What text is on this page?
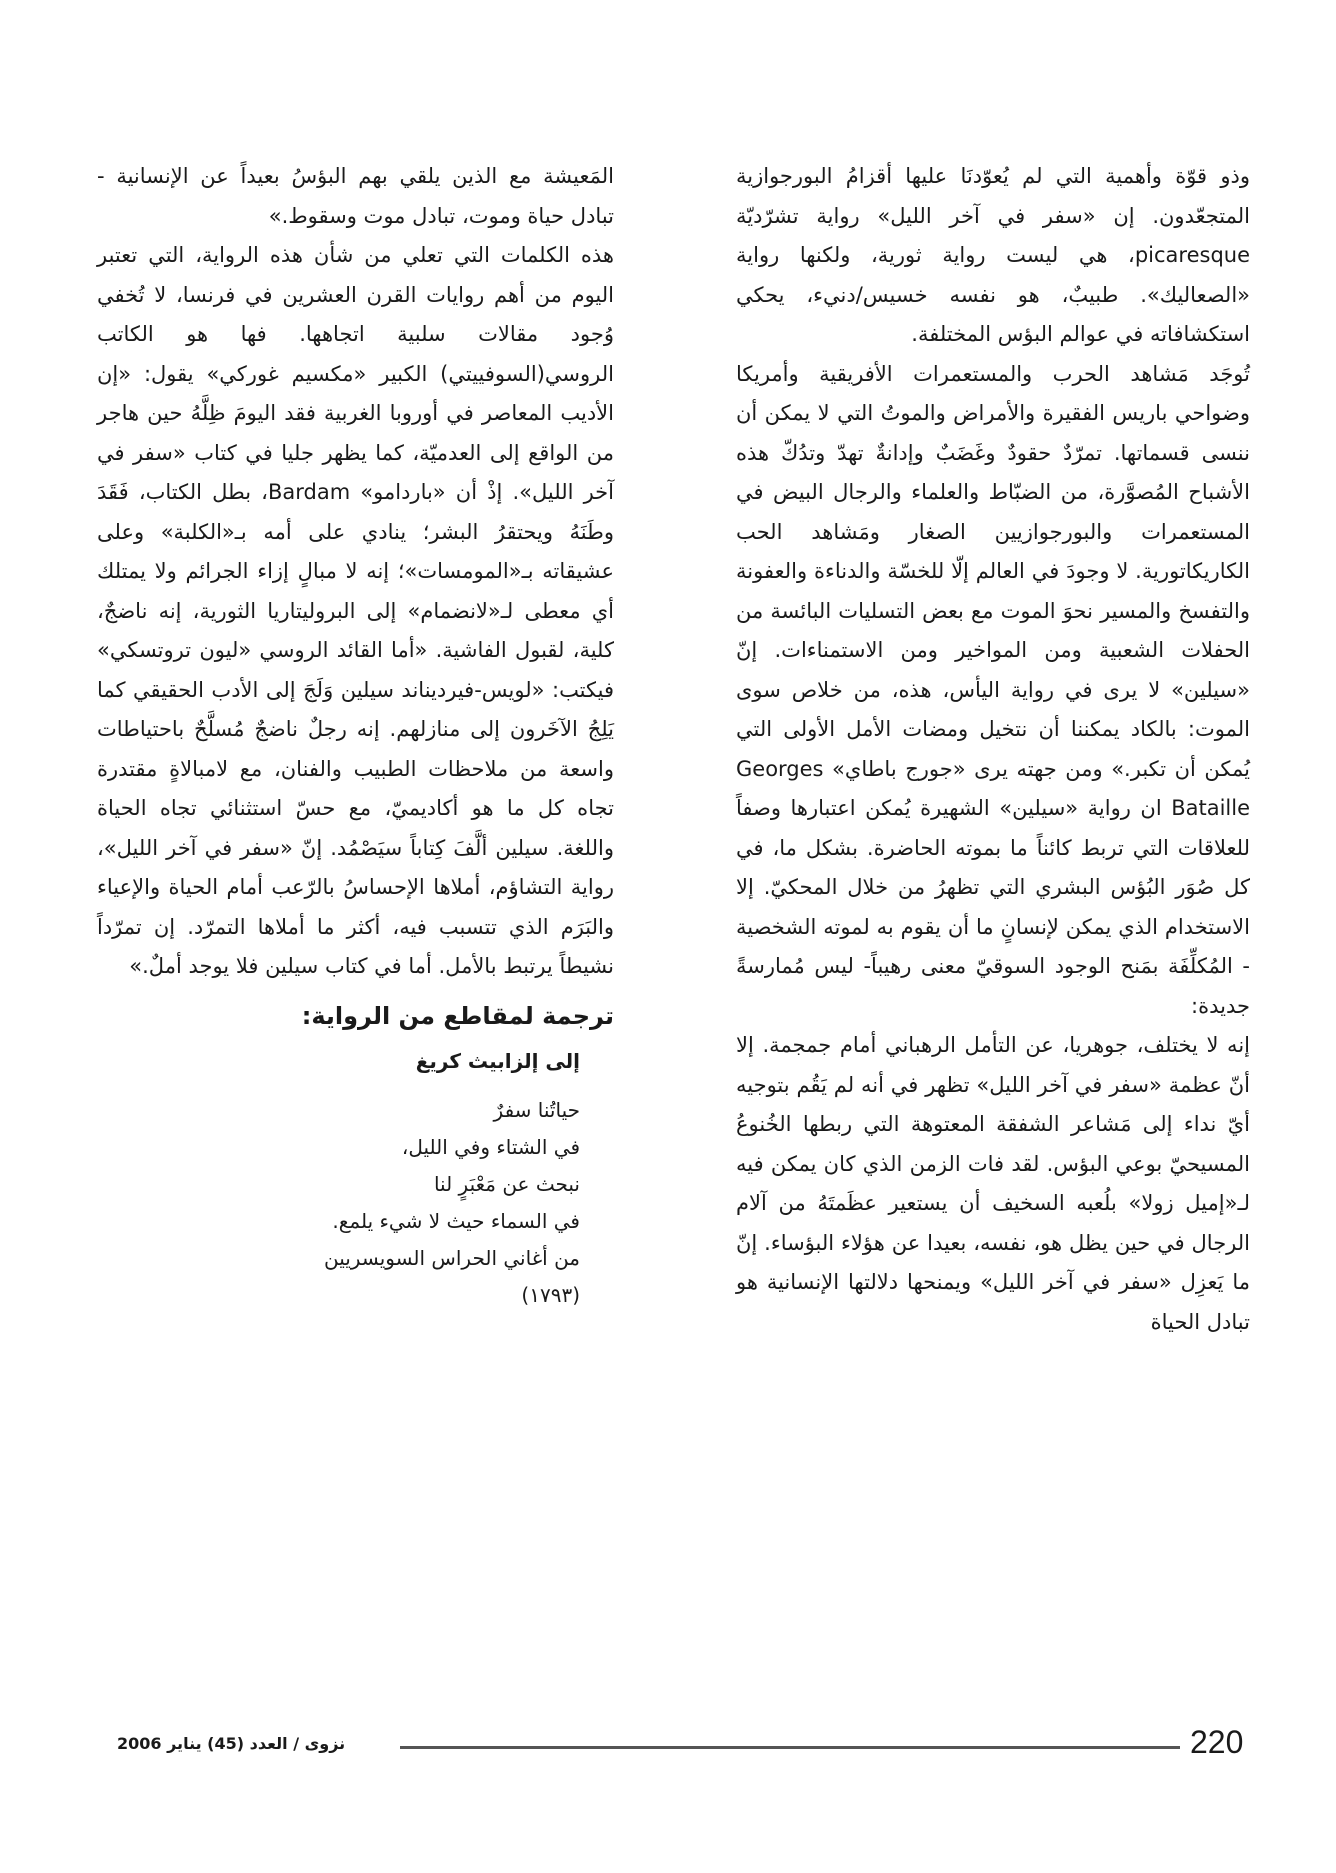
وذو قوّة وأهمية التي لم يُعوّدنَا عليها أقزامُ البورجوازية المتجعّدون. إن «سفر في آخر الليل» رواية تشرّديّة picaresque، هي ليست رواية ثورية، ولكنها رواية «الصعاليك». طبيبٌ، هو نفسه خسيس/دنيء، يحكي استكشافاته في عوالم البؤس المختلفة.

تُوجَد مَشاهد الحرب والمستعمرات الأفريقية وأمريكا وضواحي باريس الفقيرة والأمراض والموتُ التي لا يمكن أن ننسى قسماتها. تمرّدٌ حقودٌ وغَضَبٌ وإدانةٌ تهدّ وتدُكّ هذه الأشباح المُصوَّرة، من الضبّاط والعلماء والرجال البيض في المستعمرات والبورجوازيين الصغار ومَشاهد الحب الكاريكاتورية. لا وجودَ في العالم إلّا للخسّة والدناءة والعفونة والتفسخ والمسير نحوَ الموت مع بعض التسليات البائسة من الحفلات الشعبية ومن المواخير ومن الاستمناءات. إنّ «سيلين» لا يرى في رواية اليأس، هذه، من خلاص سوى الموت: بالكاد يمكننا أن نتخيل ومضات الأمل الأولى التي يُمكن أن تكبر.» ومن جهته يرى «جورج باطاي» Georges Bataille ان رواية «سيلين» الشهيرة يُمكن اعتبارها وصفاً للعلاقات التي تربط كائناً ما بموته الحاضرة. بشكل ما، في كل صُوَر البُؤس البشري التي تظهرُ من خلال المحكيّ. إلا الاستخدام الذي يمكن لإنسانٍ ما أن يقوم به لموته الشخصية - المُكلِّفَة بمَنح الوجود السوقيّ معنى رهيباً- ليس مُمارسةً جديدة:

إنه لا يختلف، جوهريا، عن التأمل الرهباني أمام جمجمة. إلا أنّ عظمة «سفر في آخر الليل» تظهر في أنه لم يَقُم بتوجيه أيّ نداء إلى مَشاعر الشفقة المعتوهة التي ربطها الخُنوعُ المسيحيّ بوعي البؤس. لقد فات الزمن الذي كان يمكن فيه لـ«إميل زولا» بلُعبه السخيف أن يستعير عظَمتَهُ من آلام الرجال في حين يظل هو، نفسه، بعيدا عن هؤلاء البؤساء. إنّ ما يَعزِل «سفر في آخر الليل» ويمنحها دلالتها الإنسانية هو تبادل الحياة

المَعيشة مع الذين يلقي بهم البؤسُ بعيداً عن الإنسانية - تبادل حياة وموت، تبادل موت وسقوط.»

هذه الكلمات التي تعلي من شأن هذه الرواية، التي تعتبر اليوم من أهم روايات القرن العشرين في فرنسا، لا تُخفي وُجود مقالات سلبية اتجاهها. فها هو الكاتب الروسي(السوفييتي) الكبير «مكسيم غوركي» يقول: «إن الأديب المعاصر في أوروبا الغربية فقد اليومَ ظِلَّهُ حين هاجر من الواقع إلى العدميّة، كما يظهر جليا في كتاب «سفر في آخر الليل». إذْ أن «باردامو» Bardam، بطل الكتاب، فَقَدَ وطَنَهُ ويحتقرُ البشر؛ ينادي على أمه بـ«الكلبة» وعلى عشيقاته بـ«المومسات»؛ إنه لا مبالٍ إزاء الجرائم ولا يمتلك أي معطى لـ«لانضمام» إلى البروليتاريا الثورية، إنه ناضجٌ، كلية، لقبول الفاشية. «أما القائد الروسي «ليون تروتسكي» فيكتب: «لويس-فيرديناند سيلين وَلَجَ إلى الأدب الحقيقي كما يَلِجُ الآخَرون إلى منازلهم. إنه رجلٌ ناضجٌ مُسلَّحٌ باحتياطات واسعة من ملاحظات الطبيب والفنان، مع لامبالاةٍ مقتدرة تجاه كل ما هو أكاديميّ، مع حسّ استثنائي تجاه الحياة واللغة. سيلين ألَّفَ كِتاباً سيَصْمُد. إنّ «سفر في آخر الليل»، رواية التشاؤم، أملاها الإحساسُ بالرّعب أمام الحياة والإعياء والبَرَم الذي تتسبب فيه، أكثر ما أملاها التمرّد. إن تمرّداً نشيطاً يرتبط بالأمل. أما في كتاب سيلين فلا يوجد أملٌ.»

ترجمة لمقاطع من الرواية:
إلى إلزابيث كريغ
حياتُنا سفرٌ
في الشتاء وفي الليل،
نبحث عن مَعْبَرٍ لنا
في السماء حيث لا شيء يلمع.
من أغاني الحراس السويسريين
(١٧٩٣)
نزوى / العدد (45) يناير 2006	220
